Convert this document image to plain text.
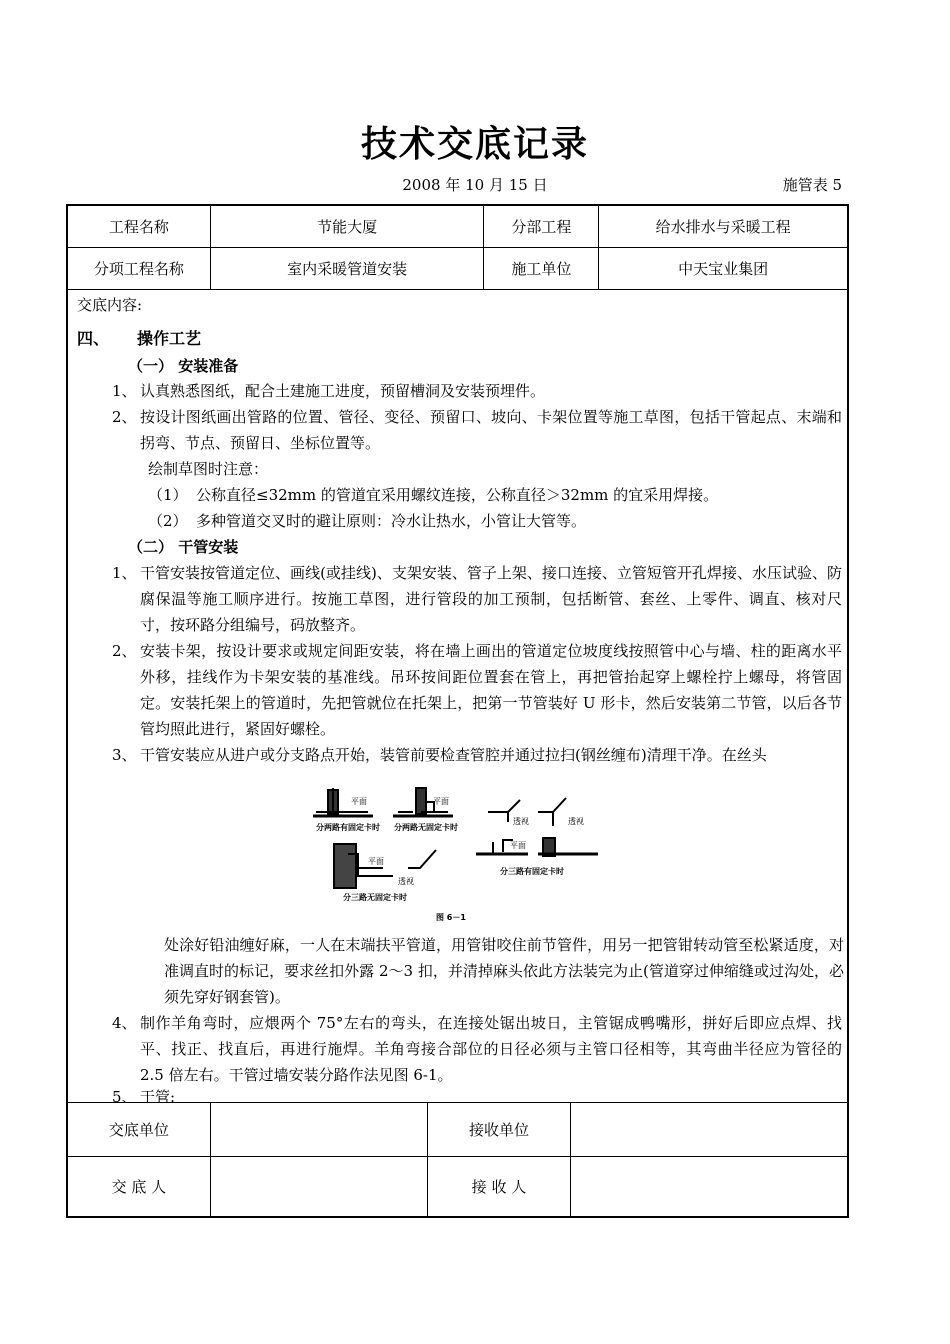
技术交底记录
2008 年 10 月 15 日	施管表 5
工程名称	节能大厦	分部工程	给水排水与采暖工程
分项工程名称	室内采暖管道安装	施工单位	中天宝业集团
交底内容:
四、 操作工艺
（一） 安装准备
1、 认真熟悉图纸，配合土建施工进度，预留槽洞及安装预埋件。
2、 按设计图纸画出管路的位置、管径、变径、预留口、坡向、卡架位置等施工草图，包括干管起点、末端和拐弯、节点、预留日、坐标位置等。
绘制草图时注意：
（1） 公称直径≤32mm 的管道宜采用螺纹连接，公称直径＞32mm 的宜采用焊接。
（2） 多种管道交叉时的避让原则：冷水让热水，小管让大管等。
（二） 干管安装
1、 干管安装按管道定位、画线(或挂线)、支架安装、管子上架、接口连接、立管短管开孔焊接、水压试验、防腐保温等施工顺序进行。按施工草图，进行管段的加工预制，包括断管、套丝、上零件、调直、核对尺寸，按环路分组编号，码放整齐。
2、 安装卡架，按设计要求或规定间距安装，将在墙上画出的管道定位坡度线按照管中心与墙、柱的距离水平外移，挂线作为卡架安装的基准线。吊环按间距位置套在管上，再把管抬起穿上螺栓拧上螺母，将管固定。安装托架上的管道时，先把管就位在托架上，把第一节管装好 U 形卡，然后安装第二节管，以后各节管均照此进行，紧固好螺栓。
3、 干管安装应从进户或分支路点开始，装管前要检查管腔并通过拉扫(钢丝缠布)清理干净。在丝头
平面	平面
透视	透视
分两路有固定卡时 分两路无固定卡时
平面
透视
平面
分三路无固定卡时
分三路有固定卡时
图 6－1
处涂好铅油缠好麻，一人在末端扶平管道，用管钳咬住前节管件，用另一把管钳转动管至松紧适度，对准调直时的标记，要求丝扣外露 2～3 扣，并清掉麻头依此方法装完为止(管道穿过伸缩缝或过沟处，必须先穿好钢套管)。
4、 制作羊角弯时，应煨两个 75°左右的弯头，在连接处锯出坡日，主管锯成鸭嘴形，拼好后即应点焊、找平、找正、找直后，再进行施焊。羊角弯接合部位的日径必须与主管口径相等，其弯曲半径应为管径的 2.5 倍左右。干管过墙安装分路作法见图 6-1。
5、 干管:
交底单位		接收单位	
交 底 人		接 收 人	
